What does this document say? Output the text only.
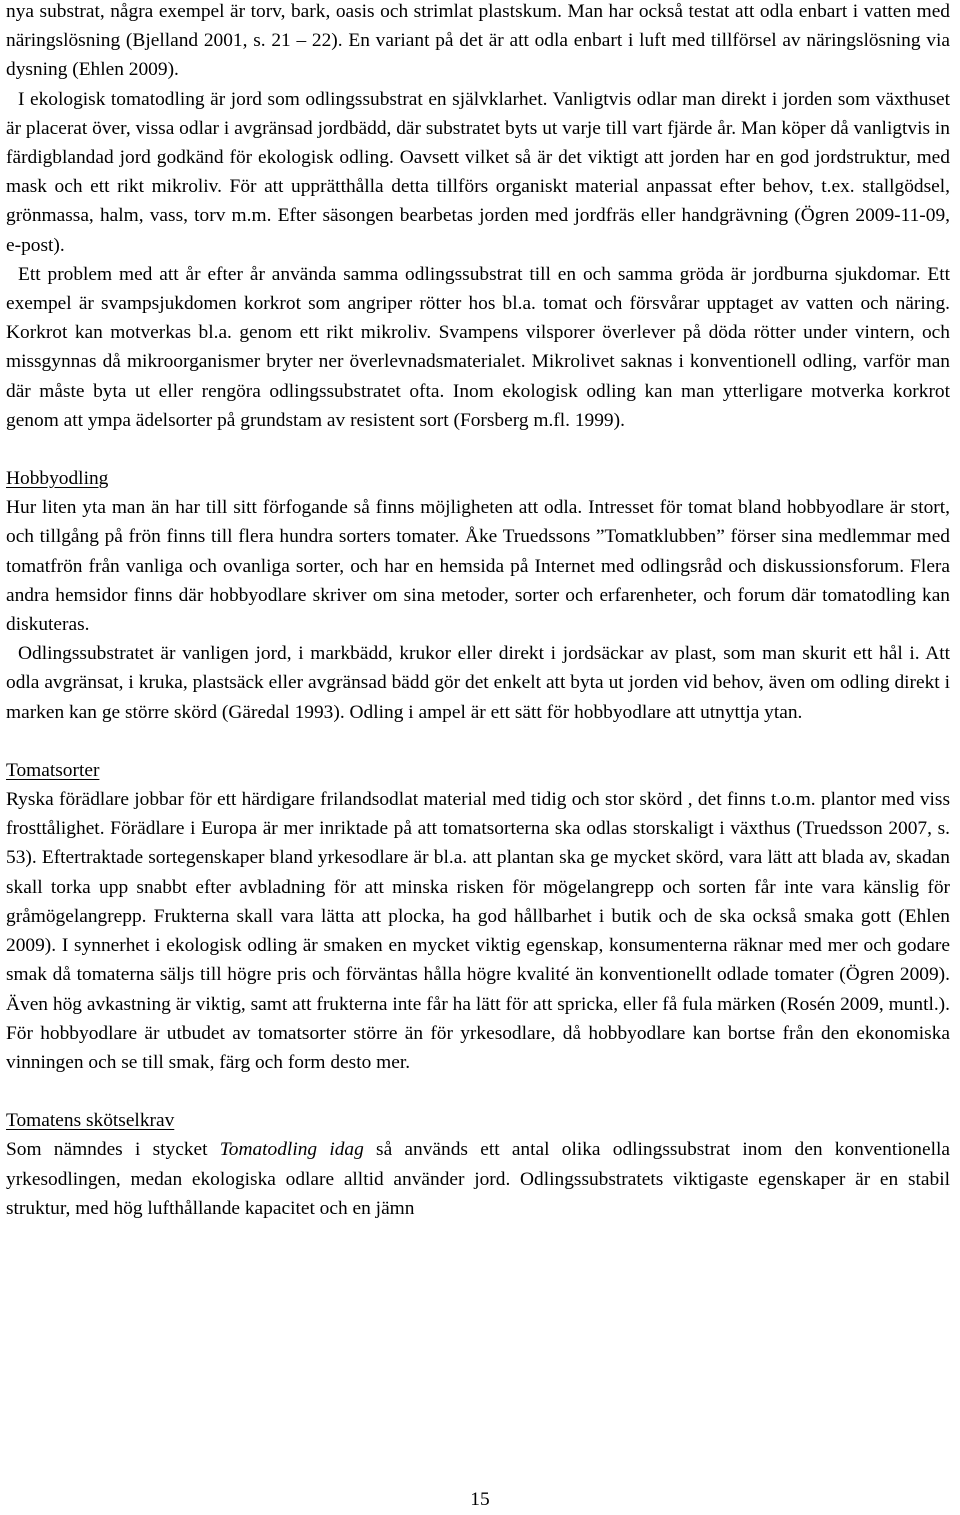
nya substrat, några exempel är torv, bark, oasis och strimlat plastskum. Man har också testat att odla enbart i vatten med näringslösning (Bjelland 2001, s. 21 – 22). En variant på det är att odla enbart i luft med tillförsel av näringslösning via dysning (Ehlen 2009).

I ekologisk tomatodling är jord som odlingssubstrat en självklarhet. Vanligtvis odlar man direkt i jorden som växthuset är placerat över, vissa odlar i avgränsad jordbädd, där substratet byts ut varje till vart fjärde år. Man köper då vanligtvis in färdigblandad jord godkänd för ekologisk odling. Oavsett vilket så är det viktigt att jorden har en god jordstruktur, med mask och ett rikt mikroliv. För att upprätthålla detta tillförs organiskt material anpassat efter behov, t.ex. stallgödsel, grönmassa, halm, vass, torv m.m. Efter säsongen bearbetas jorden med jordfräs eller handgrävning (Ögren 2009-11-09, e-post).

Ett problem med att år efter år använda samma odlingssubstrat till en och samma gröda är jordburna sjukdomar. Ett exempel är svampsjukdomen korkrot som angriper rötter hos bl.a. tomat och försvårar upptaget av vatten och näring. Korkrot kan motverkas bl.a. genom ett rikt mikroliv. Svampens vilsporer överlever på döda rötter under vintern, och missgynnas då mikroorganismer bryter ner överlevnadsmaterialet. Mikrolivet saknas i konventionell odling, varför man där måste byta ut eller rengöra odlingssubstratet ofta. Inom ekologisk odling kan man ytterligare motverka korkrot genom att ympa ädelsorter på grundstam av resistent sort (Forsberg m.fl. 1999).

Hobbyodling

Hur liten yta man än har till sitt förfogande så finns möjligheten att odla. Intresset för tomat bland hobbyodlare är stort, och tillgång på frön finns till flera hundra sorters tomater. Åke Truedssons ”Tomatklubben” förser sina medlemmar med tomatfrön från vanliga och ovanliga sorter, och har en hemsida på Internet med odlingsråd och diskussionsforum. Flera andra hemsidor finns där hobbyodlare skriver om sina metoder, sorter och erfarenheter, och forum där tomatodling kan diskuteras.

Odlingssubstratet är vanligen jord, i markbädd, krukor eller direkt i jordsäckar av plast, som man skurit ett hål i. Att odla avgränsat, i kruka, plastsäck eller avgränsad bädd gör det enkelt att byta ut jorden vid behov, även om odling direkt i marken kan ge större skörd (Gäredal 1993). Odling i ampel är ett sätt för hobbyodlare att utnyttja ytan.

Tomatsorter

Ryska förädlare jobbar för ett härdigare frilandsodlat material med tidig och stor skörd , det finns t.o.m. plantor med viss frosttålighet. Förädlare i Europa är mer inriktade på att tomatsorterna ska odlas storskaligt i växthus (Truedsson 2007, s. 53). Eftertraktade sortegenskaper bland yrkesodlare är bl.a. att plantan ska ge mycket skörd, vara lätt att blada av, skadan skall torka upp snabbt efter avbladning för att minska risken för mögelangrepp och sorten får inte vara känslig för gråmögelangrepp. Frukterna skall vara lätta att plocka, ha god hållbarhet i butik och de ska också smaka gott (Ehlen 2009). I synnerhet i ekologisk odling är smaken en mycket viktig egenskap, konsumenterna räknar med mer och godare smak då tomaterna säljs till högre pris och förväntas hålla högre kvalité än konventionellt odlade tomater (Ögren 2009). Även hög avkastning är viktig, samt att frukterna inte får ha lätt för att spricka, eller få fula märken (Rosén 2009, muntl.). För hobbyodlare är utbudet av tomatsorter större än för yrkesodlare, då hobbyodlare kan bortse från den ekonomiska vinningen och se till smak, färg och form desto mer.

Tomatens skötselkrav

Som nämndes i stycket Tomatodling idag så används ett antal olika odlingssubstrat inom den konventionella yrkesodlingen, medan ekologiska odlare alltid använder jord. Odlingssubstratets viktigaste egenskaper är en stabil struktur, med hög lufthållande kapacitet och en jämn

15
